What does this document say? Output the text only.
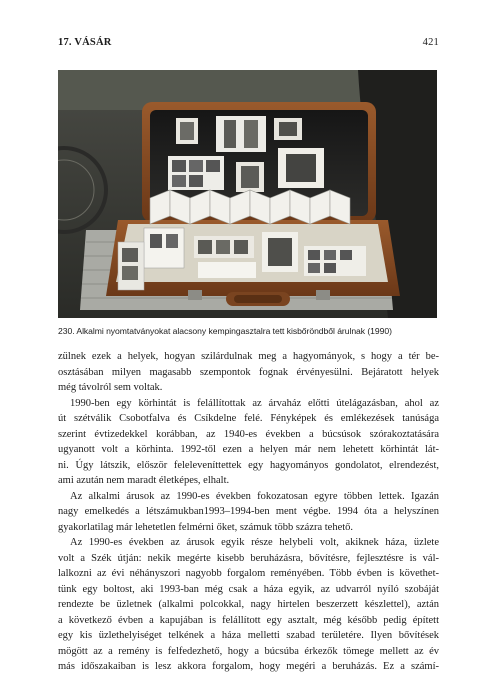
17. VÁSÁR	421
230. Alkalmi nyomtatványokat alacsony kempingasztalra tett kisbőröndből árulnak (1990)
zülnek ezek a helyek, hogyan szilárdulnak meg a hagyományok, s hogy a tér be-
osztásában milyen magasabb szempontok fognak érvényesülni. Bejáratott helyek
még távolról sem voltak.
1990-ben egy körhintát is felállítottak az árvaház előtti útelágazásban, ahol az
út szétválik Csobotfalva és Csíkdelne felé. Fényképek és emlékezések tanúsága
szerint évtizedekkel korábban, az 1940-es években a búcsúsok szórakoztatására
ugyanott volt a körhinta. 1992-től ezen a helyen már nem lehetett körhintát lát-
ni. Úgy látszik, először feleleveníttettek egy hagyományos gondolatot, elrendezést,
ami azután nem maradt életképes, elhalt.
Az alkalmi árusok az 1990-es években fokozatosan egyre többen lettek. Igazán
nagy emelkedés a létszámukban1993–1994-ben ment végbe. 1994 óta a helyszínen
gyakorlatilag már lehetetlen felmérni őket, számuk több százra tehető.
Az 1990-es években az árusok egyik része helybeli volt, akiknek háza, üzlete
volt a Szék útján: nekik megérte kisebb beruházásra, bővítésre, fejlesztésre is vál-
lalkozni az évi néhányszori nagyobb forgalom reményében. Több évben is követhet-
tünk egy boltost, aki 1993-ban még csak a háza egyik, az udvarról nyíló szobáját
rendezte be üzletnek (alkalmi polcokkal, nagy hirtelen beszerzett készlettel), aztán
a következő évben a kapujában is felállított egy asztalt, még később pedig épített
egy kis üzlethelyiséget telkének a háza melletti szabad területére. Ilyen bővítések
mögött az a remény is felfedezhető, hogy a búcsúba érkezők tömege mellett az év
más időszakaiban is lesz akkora forgalom, hogy megéri a beruházás. Ez a számí-
